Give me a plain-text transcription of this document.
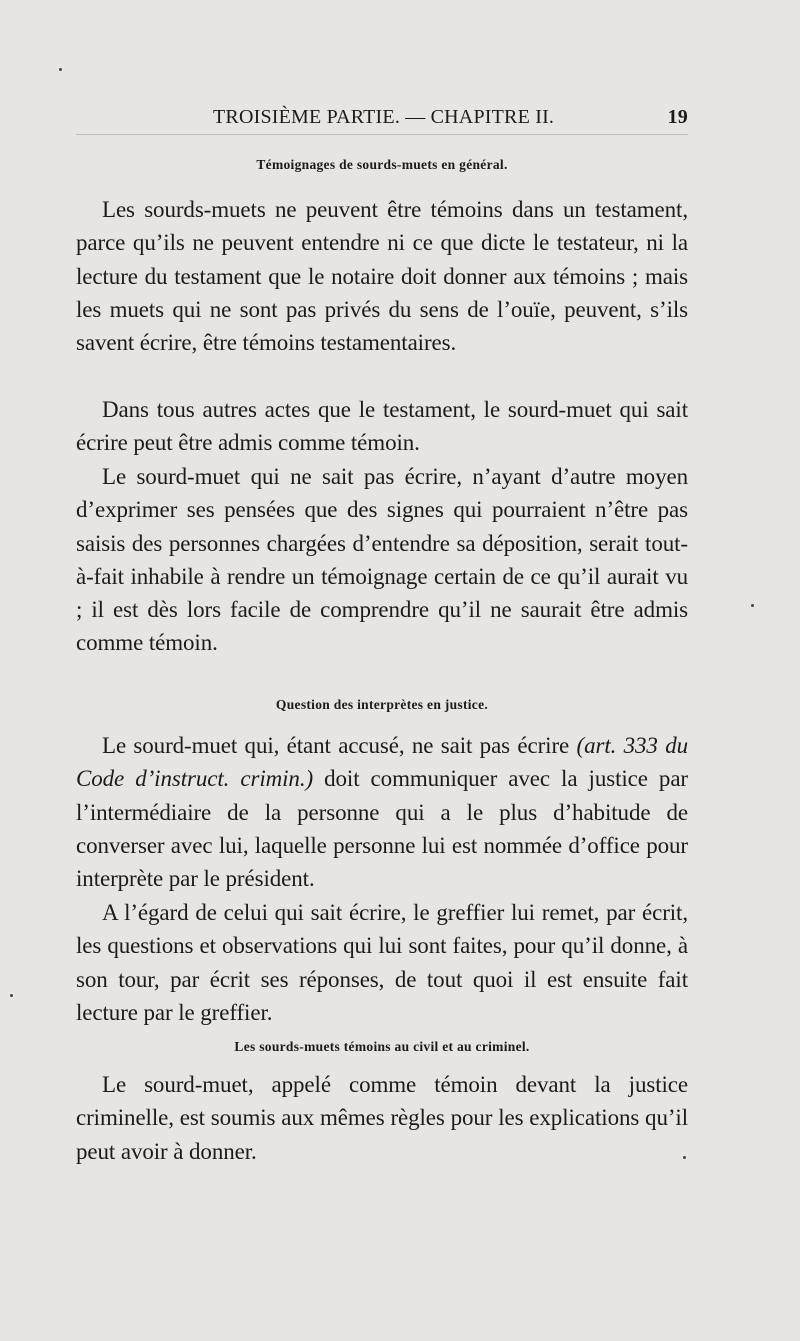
TROISIÈME PARTIE. — CHAPITRE II.	19
Témoignages de sourds-muets en général.

Les sourds-muets ne peuvent être témoins dans un testament, parce qu’ils ne peuvent entendre ni ce que dicte le testateur, ni la lecture du testament que le notaire doit donner aux témoins ; mais les muets qui ne sont pas privés du sens de l’ouïe, peuvent, s’ils savent écrire, être témoins testamentaires.

Dans tous autres actes que le testament, le sourd-muet qui sait écrire peut être admis comme témoin.

Le sourd-muet qui ne sait pas écrire, n’ayant d’autre moyen d’exprimer ses pensées que des signes qui pourraient n’être pas saisis des personnes chargées d’entendre sa déposition, serait tout-à-fait inhabile à rendre un témoignage certain de ce qu’il aurait vu ; il est dès lors facile de comprendre qu’il ne saurait être admis comme témoin.

Question des interprètes en justice.

Le sourd-muet qui, étant accusé, ne sait pas écrire (art. 333 du Code d’instruct. crimin.) doit communiquer avec la justice par l’intermédiaire de la personne qui a le plus d’habitude de converser avec lui, laquelle personne lui est nommée d’office pour interprète par le président.

A l’égard de celui qui sait écrire, le greffier lui remet, par écrit, les questions et observations qui lui sont faites, pour qu’il donne, à son tour, par écrit ses réponses, de tout quoi il est ensuite fait lecture par le greffier.

Les sourds-muets témoins au civil et au criminel.

Le sourd-muet, appelé comme témoin devant la justice criminelle, est soumis aux mêmes règles pour les explications qu’il peut avoir à donner.
